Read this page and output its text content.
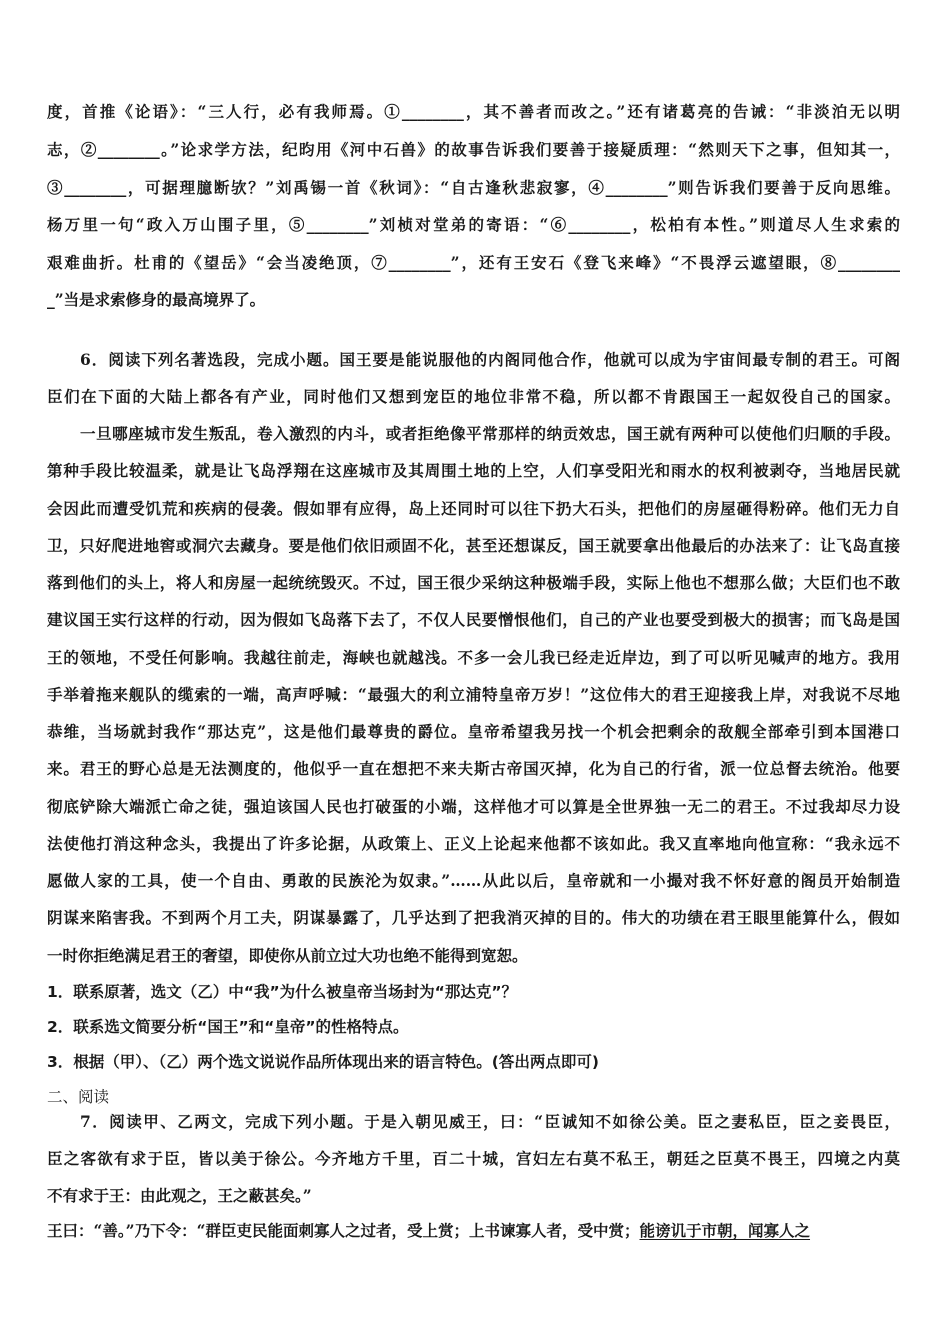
度，首推《论语》：“三人行，必有我师焉。①________，其不善者而改之。”还有诸葛亮的告诫：“非淡泊无以明
志，②________。”论求学方法，纪昀用《河中石兽》的故事告诉我们要善于接疑质理：“然则天下之事，但知其一，
③________，可据理臆断欤？”刘禹锡一首《秋词》：“自古逢秋悲寂寥，④________”则告诉我们要善于反向思维。
杨万里一句“政入万山围子里，⑤________”刘桢对堂弟的寄语：“⑥________，松柏有本性。”则道尽人生求索的
艰难曲折。杜甫的《望岳》“会当凌绝顶，⑦________”，还有王安石《登飞来峰》“不畏浮云遮望眼，⑧________
_”当是求索修身的最高境界了。
6．阅读下列名著选段，完成小题。国王要是能说服他的内阁同他合作，他就可以成为宇宙间最专制的君王。可阁
臣们在下面的大陆上都各有产业，同时他们又想到宠臣的地位非常不稳，所以都不肯跟国王一起奴役自己的国家。
一旦哪座城市发生叛乱，卷入激烈的内斗，或者拒绝像平常那样的纳贡效忠，国王就有两种可以使他们归顺的手段。
第种手段比较温柔，就是让飞岛浮翔在这座城市及其周围土地的上空，人们享受阳光和雨水的权利被剥夺，当地居民就
会因此而遭受饥荒和疾病的侵袭。假如罪有应得，岛上还同时可以往下扔大石头，把他们的房屋砸得粉碎。他们无力自
卫，只好爬进地窖或洞穴去藏身。要是他们依旧顽固不化，甚至还想谋反，国王就要拿出他最后的办法来了：让飞岛直接
落到他们的头上，将人和房屋一起统统毁灭。不过，国王很少采纳这种极端手段，实际上他也不想那么做；大臣们也不敢
建议国王实行这样的行动，因为假如飞岛落下去了，不仅人民要憎恨他们，自己的产业也要受到极大的损害；而飞岛是国
王的领地，不受任何影响。我越往前走，海峡也就越浅。不多一会儿我已经走近岸边，到了可以听见喊声的地方。我用
手举着拖来舰队的缆索的一端，高声呼喊：“最强大的利立浦特皇帝万岁！”这位伟大的君王迎接我上岸，对我说不尽地
恭维，当场就封我作“那达克”，这是他们最尊贵的爵位。皇帝希望我另找一个机会把剩余的敌舰全部牵引到本国港口
来。君王的野心总是无法测度的，他似乎一直在想把不来夫斯古帝国灭掉，化为自己的行省，派一位总督去统治。他要
彻底铲除大端派亡命之徒，强迫该国人民也打破蛋的小端，这样他才可以算是全世界独一无二的君王。不过我却尽力设
法使他打消这种念头，我提出了许多论据，从政策上、正义上论起来他都不该如此。我又直率地向他宣称：“我永远不
愿做人家的工具，使一个自由、勇敢的民族沦为奴隶。”……从此以后，皇帝就和一小撮对我不怀好意的阁员开始制造
阴谋来陷害我。不到两个月工夫，阴谋暴露了，几乎达到了把我消灭掉的目的。伟大的功绩在君王眼里能算什么，假如
一时你拒绝满足君王的奢望，即使你从前立过大功也绝不能得到宽恕。
1．联系原著，选文（乙）中“我”为什么被皇帝当场封为“那达克”？
2．联系选文简要分析“国王”和“皇帝”的性格特点。
3．根据（甲）、（乙）两个选文说说作品所体现出来的语言特色。(答出两点即可)
二、阅读
7．阅读甲、乙两文，完成下列小题。于是入朝见威王，曰：“臣诚知不如徐公美。臣之妻私臣，臣之妾畏臣，
臣之客欲有求于臣，皆以美于徐公。今齐地方千里，百二十城，宫妇左右莫不私王，朝廷之臣莫不畏王，四境之内莫
不有求于王：由此观之，王之蔽甚矣。”
王曰：“善。”乃下令：“群臣吏民能面刺寡人之过者，受上赏；上书谏寡人者，受中赏；能谤讥于市朝，闻寡人之
